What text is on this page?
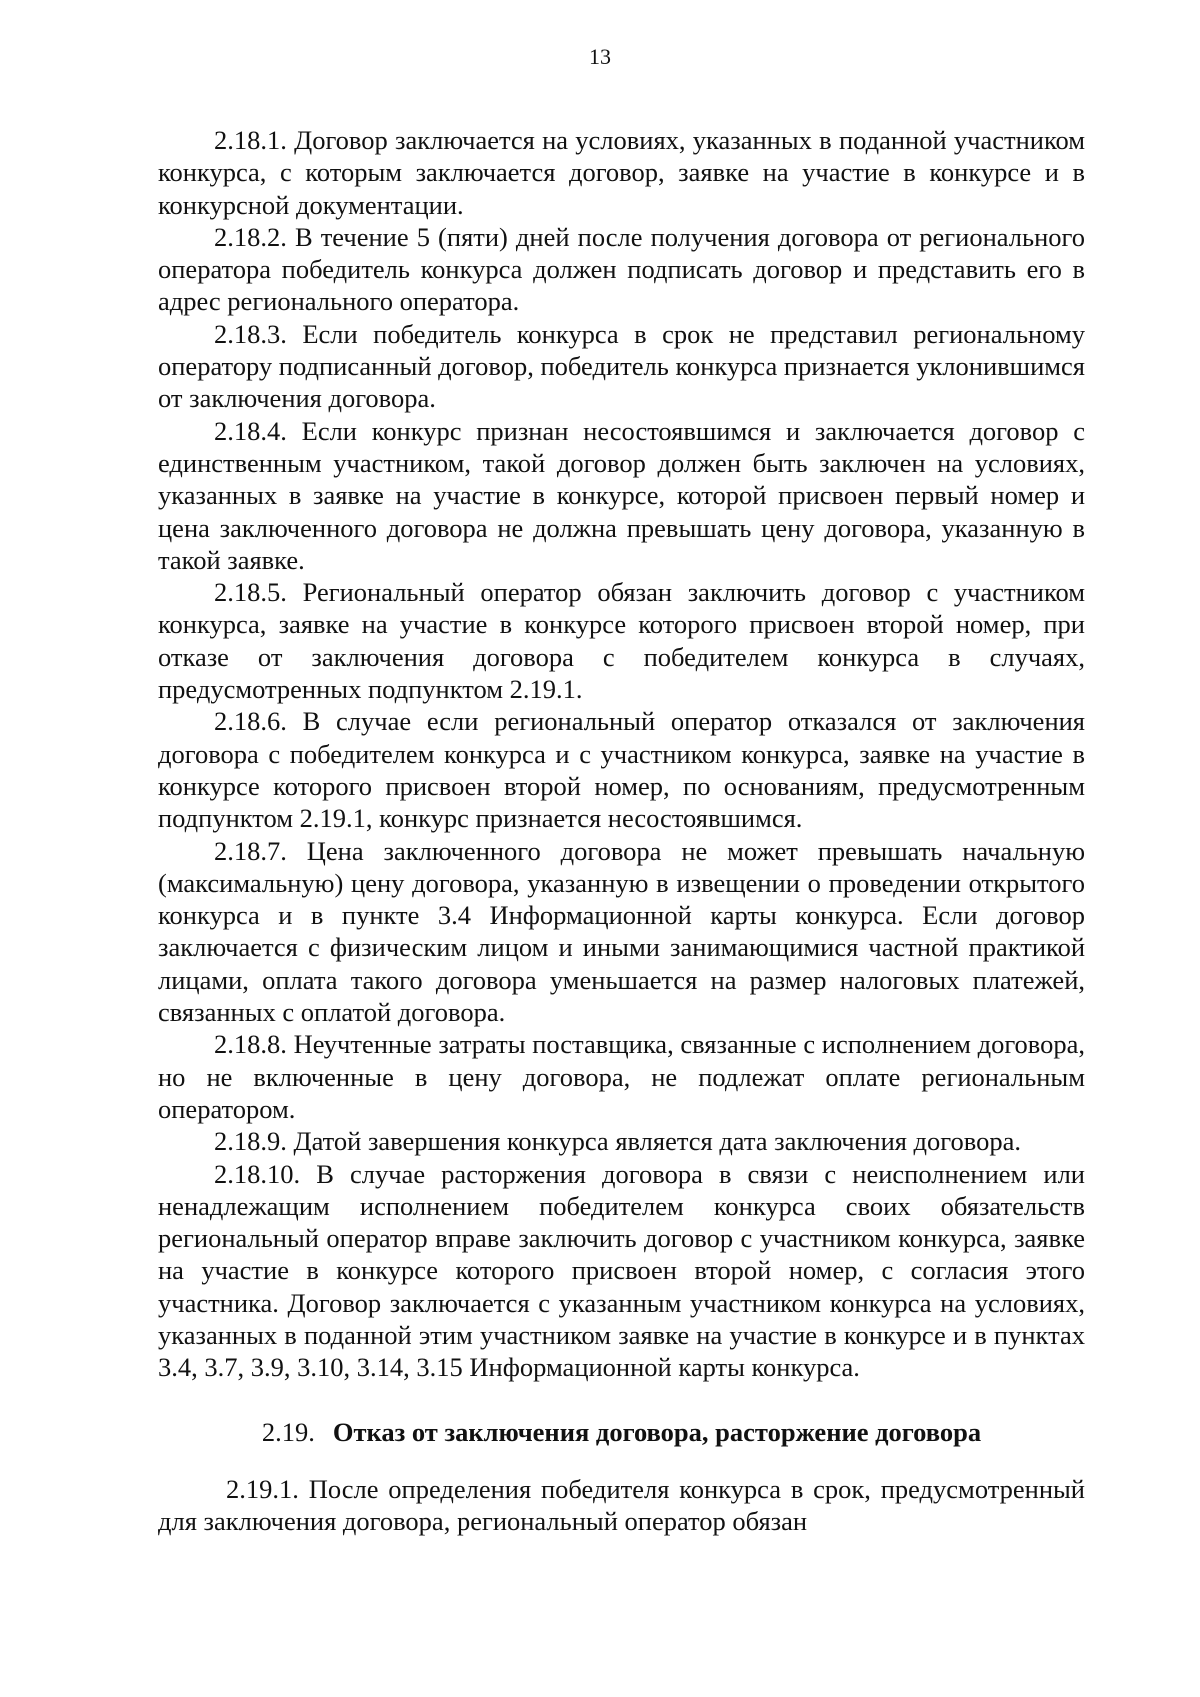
13

2.18.1. Договор заключается на условиях, указанных в поданной участником конкурса, с которым заключается договор, заявке на участие в конкурсе и в конкурсной документации.

2.18.2. В течение 5 (пяти) дней после получения договора от регионального оператора победитель конкурса должен подписать договор и представить его в адрес регионального оператора.

2.18.3. Если победитель конкурса в срок не представил региональному оператору подписанный договор, победитель конкурса признается уклонившимся от заключения договора.

2.18.4. Если конкурс признан несостоявшимся и заключается договор с единственным участником, такой договор должен быть заключен на условиях, указанных в заявке на участие в конкурсе, которой присвоен первый номер и цена заключенного договора не должна превышать цену договора, указанную в такой заявке.

2.18.5. Региональный оператор обязан заключить договор с участником конкурса, заявке на участие в конкурсе которого присвоен второй номер, при отказе от заключения договора с победителем конкурса в случаях, предусмотренных подпунктом 2.19.1.

2.18.6. В случае если региональный оператор отказался от заключения договора с победителем конкурса и с участником конкурса, заявке на участие в конкурсе которого присвоен второй номер, по основаниям, предусмотренным подпунктом 2.19.1, конкурс признается несостоявшимся.

2.18.7. Цена заключенного договора не может превышать начальную (максимальную) цену договора, указанную в извещении о проведении открытого конкурса и в пункте 3.4 Информационной карты конкурса. Если договор заключается с физическим лицом и иными занимающимися частной практикой лицами, оплата такого договора уменьшается на размер налоговых платежей, связанных с оплатой договора.

2.18.8. Неучтенные затраты поставщика, связанные с исполнением договора, но не включенные в цену договора, не подлежат оплате региональным оператором.

2.18.9. Датой завершения конкурса является дата заключения договора.

2.18.10. В случае расторжения договора в связи с неисполнением или ненадлежащим исполнением победителем конкурса своих обязательств региональный оператор вправе заключить договор с участником конкурса, заявке на участие в конкурсе которого присвоен второй номер, с согласия этого участника. Договор заключается с указанным участником конкурса на условиях, указанных в поданной этим участником заявке на участие в конкурсе и в пунктах 3.4, 3.7, 3.9, 3.10, 3.14, 3.15 Информационной карты конкурса.

2.19. Отказ от заключения договора, расторжение договора

2.19.1. После определения победителя конкурса в срок, предусмотренный для заключения договора, региональный оператор обязан
